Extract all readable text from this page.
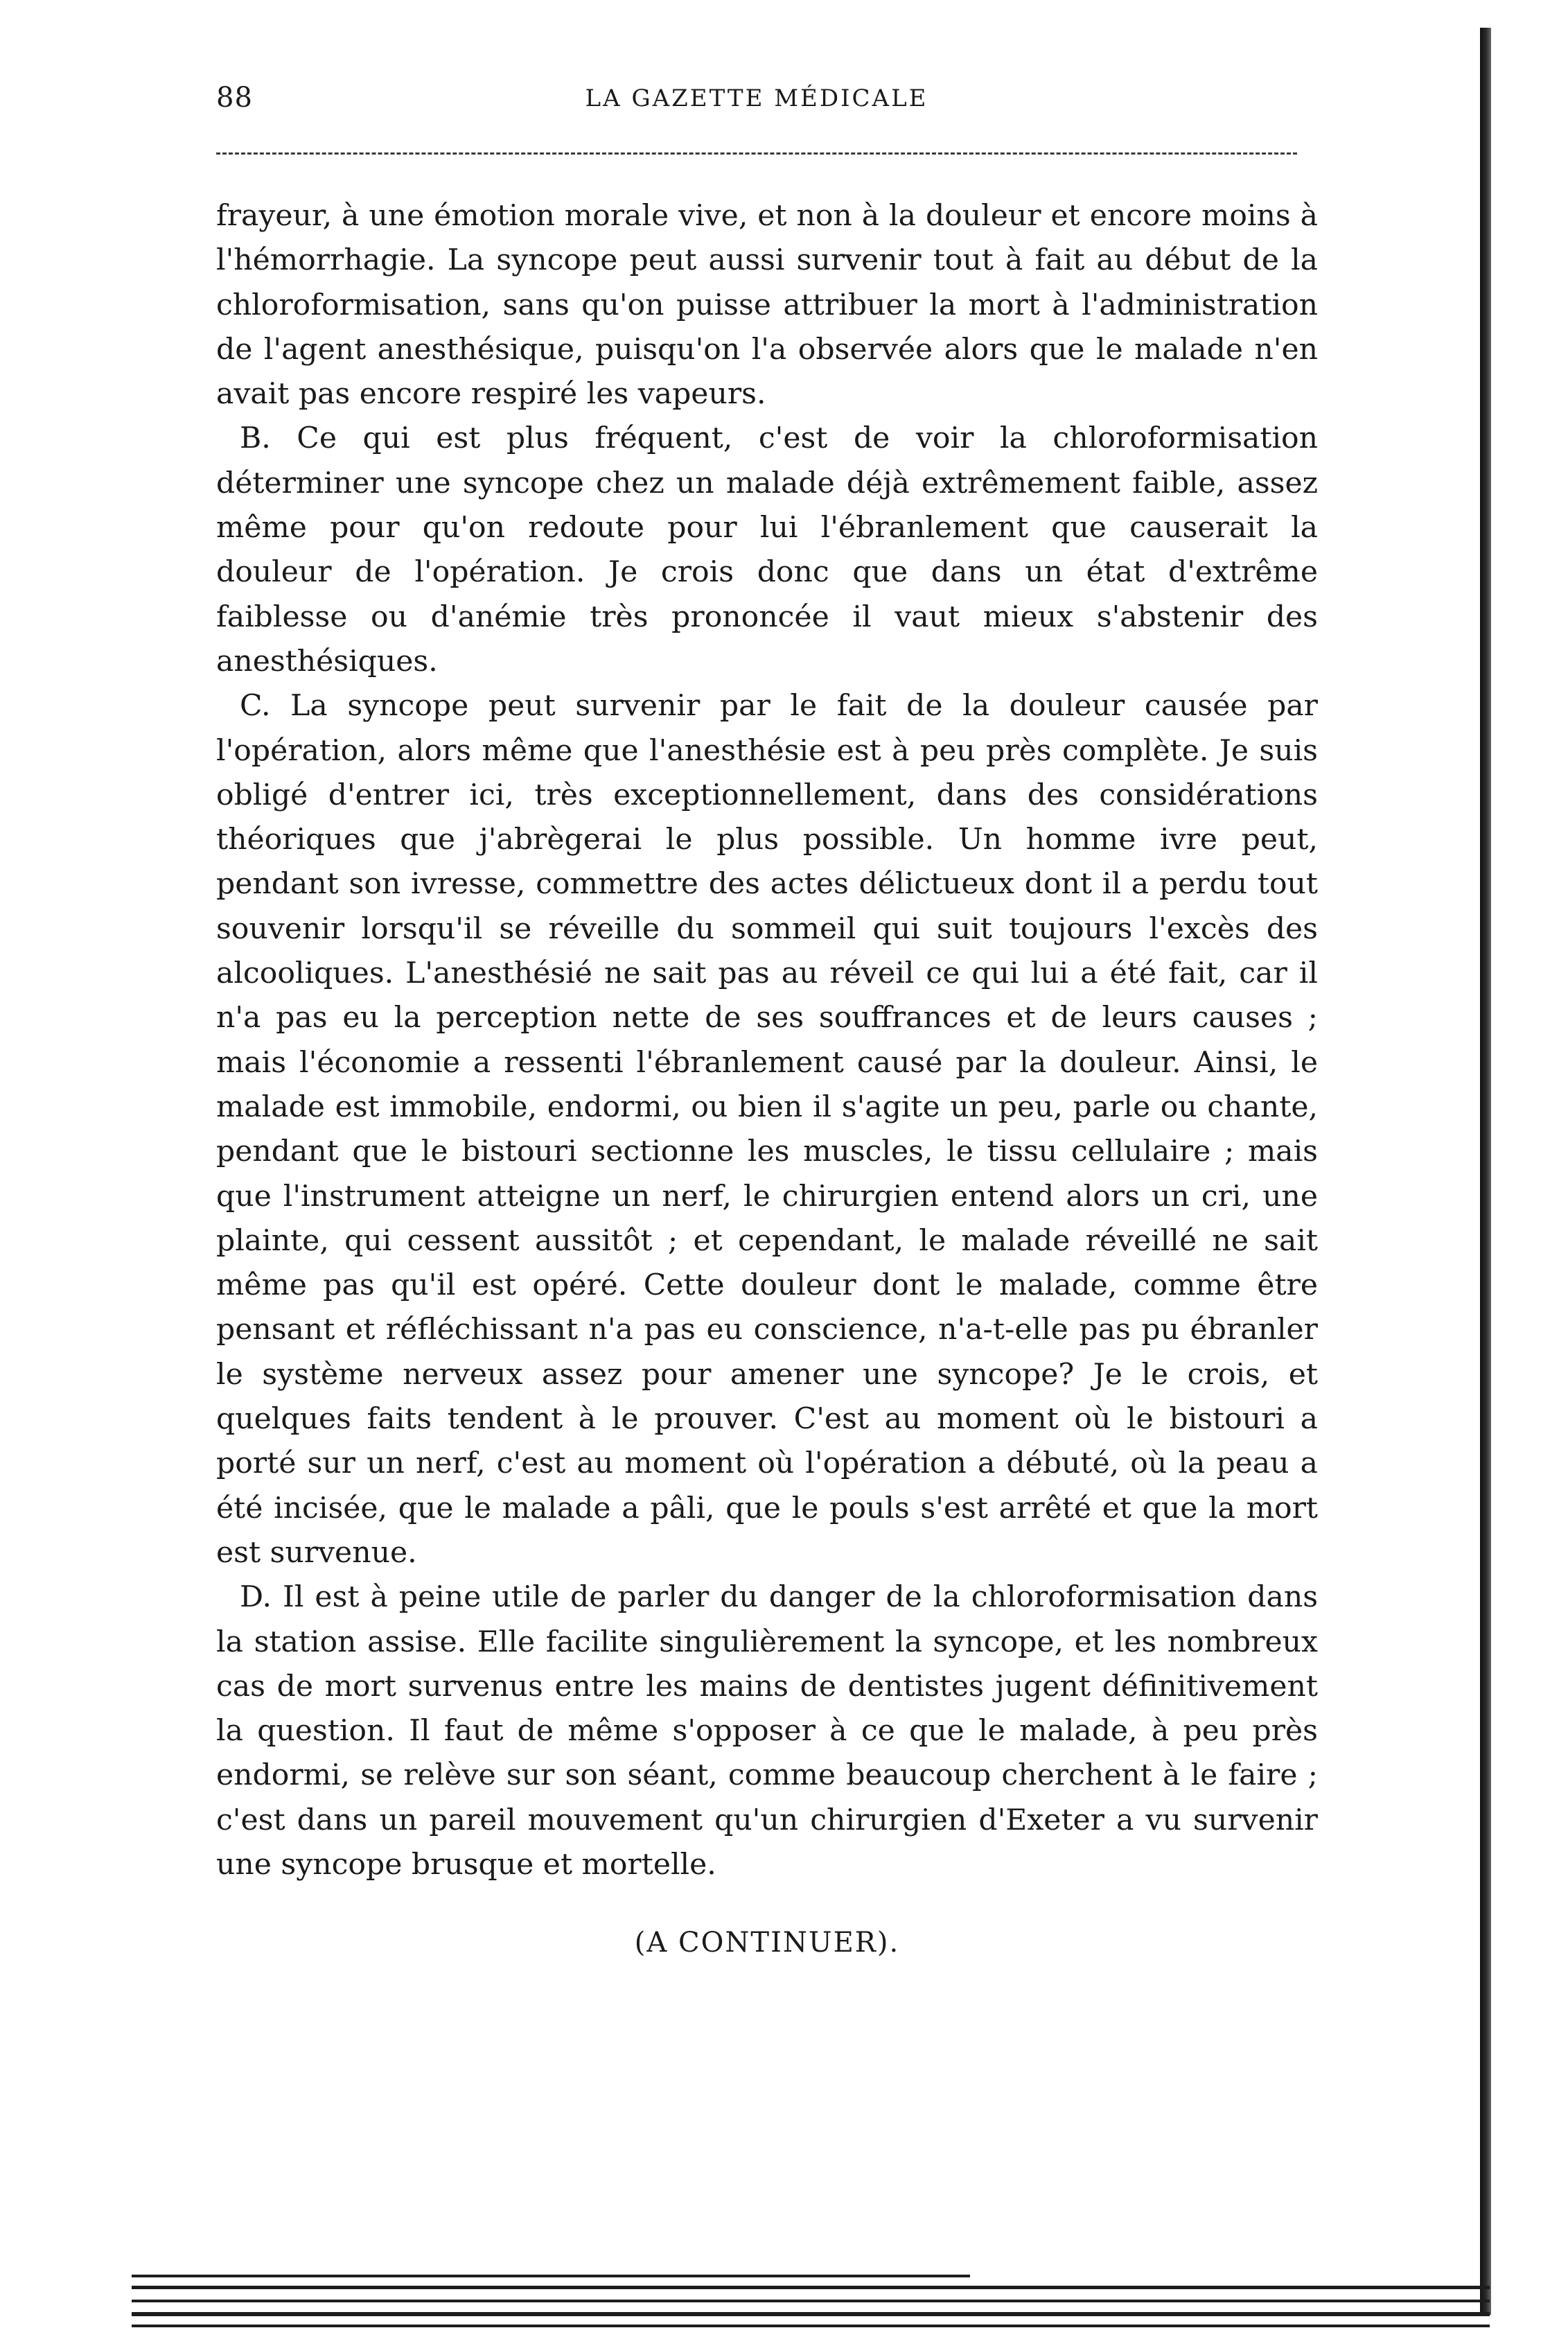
88	LA GAZETTE MÉDICALE

frayeur, à une émotion morale vive, et non à la douleur et encore moins à l'hémorrhagie. La syncope peut aussi survenir tout à fait au début de la chloroformisation, sans qu'on puisse attribuer la mort à l'administration de l'agent anesthésique, puisqu'on l'a observée alors que le malade n'en avait pas encore respiré les vapeurs.

B. Ce qui est plus fréquent, c'est de voir la chloroformisation déterminer une syncope chez un malade déjà extrêmement faible, assez même pour qu'on redoute pour lui l'ébranlement que causerait la douleur de l'opération. Je crois donc que dans un état d'extrême faiblesse ou d'anémie très prononcée il vaut mieux s'abstenir des anesthésiques.

C. La syncope peut survenir par le fait de la douleur causée par l'opération, alors même que l'anesthésie est à peu près complète. Je suis obligé d'entrer ici, très exceptionnellement, dans des considérations théoriques que j'abrègerai le plus possible. Un homme ivre peut, pendant son ivresse, commettre des actes délictueux dont il a perdu tout souvenir lorsqu'il se réveille du sommeil qui suit toujours l'excès des alcooliques. L'anesthésié ne sait pas au réveil ce qui lui a été fait, car il n'a pas eu la perception nette de ses souffrances et de leurs causes ; mais l'économie a ressenti l'ébranlement causé par la douleur. Ainsi, le malade est immobile, endormi, ou bien il s'agite un peu, parle ou chante, pendant que le bistouri sectionne les muscles, le tissu cellulaire ; mais que l'instrument atteigne un nerf, le chirurgien entend alors un cri, une plainte, qui cessent aussitôt ; et cependant, le malade réveillé ne sait même pas qu'il est opéré. Cette douleur dont le malade, comme être pensant et réfléchissant n'a pas eu conscience, n'a-t-elle pas pu ébranler le système nerveux assez pour amener une syncope? Je le crois, et quelques faits tendent à le prouver. C'est au moment où le bistouri a porté sur un nerf, c'est au moment où l'opération a débuté, où la peau a été incisée, que le malade a pâli, que le pouls s'est arrêté et que la mort est survenue.

D. Il est à peine utile de parler du danger de la chloroformisation dans la station assise. Elle facilite singulièrement la syncope, et les nombreux cas de mort survenus entre les mains de dentistes jugent définitivement la question. Il faut de même s'opposer à ce que le malade, à peu près endormi, se relève sur son séant, comme beaucoup cherchent à le faire ; c'est dans un pareil mouvement qu'un chirurgien d'Exeter a vu survenir une syncope brusque et mortelle.

(A CONTINUER).
